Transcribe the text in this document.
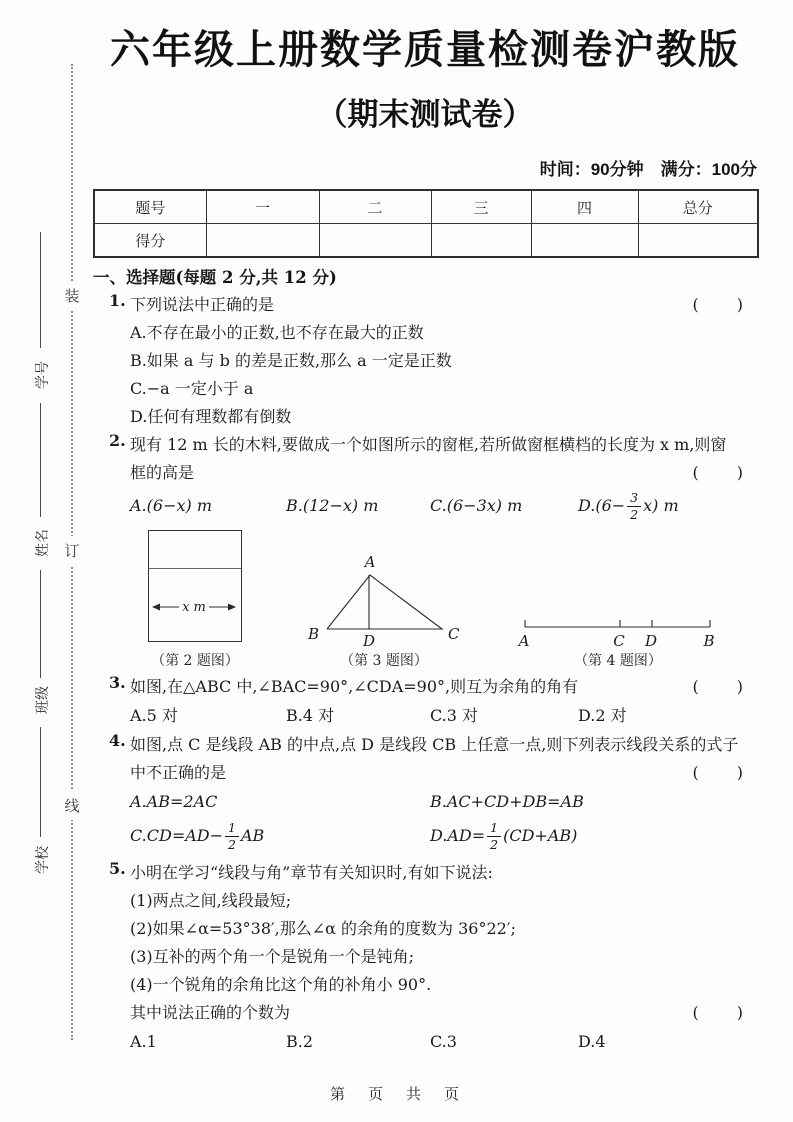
装
订
线
学号
姓名
班级
学校
六年级上册数学质量检测卷沪教版
（期末测试卷）
时间：90分钟　满分：100分
题号	一	二	三	四	总分
得分					
一、选择题(每题 2 分,共 12 分)
1. 下列说法中正确的是	(　　)
A.不存在最小的正数,也不存在最大的正数
B.如果 a 与 b 的差是正数,那么 a 一定是正数
C.−a 一定小于 a
D.任何有理数都有倒数
2. 现有 12 m 长的木料,要做成一个如图所示的窗框,若所做窗框横档的长度为 x m,则窗
框的高是	(　　)
A.(6−x) m	B.(12−x) m	C.(6−3x) m	$D.(6- \frac{3}{2} x)$ m
x m
（第 2 题图）
A
B	C
D
（第 3 题图）
A	C D	B
（第 4 题图）
3. 如图,在△ABC 中,∠BAC=90°,∠CDA=90°,则互为余角的角有	(　　)
A.5 对	B.4 对	C.3 对	D.2 对
4. 如图,点 C 是线段 AB 的中点,点 D 是线段 CB 上任意一点,则下列表示线段关系的式子
中不正确的是	(　　)
A.AB=2AC	B.AC+CD+DB=AB
$C.CD=AD- \frac{1}{2}$ AB	$D.AD= \frac{1}{2} (CD+AB)$
5. 小明在学习“线段与角”章节有关知识时,有如下说法:
(1)两点之间,线段最短;
(2)如果∠α=53°38′,那么∠α 的余角的度数为 36°22′;
(3)互补的两个角一个是锐角一个是钝角;
(4)一个锐角的余角比这个角的补角小 90°.
其中说法正确的个数为	(　　)
A.1	B.2	C.3	D.4
第　页　共　页
